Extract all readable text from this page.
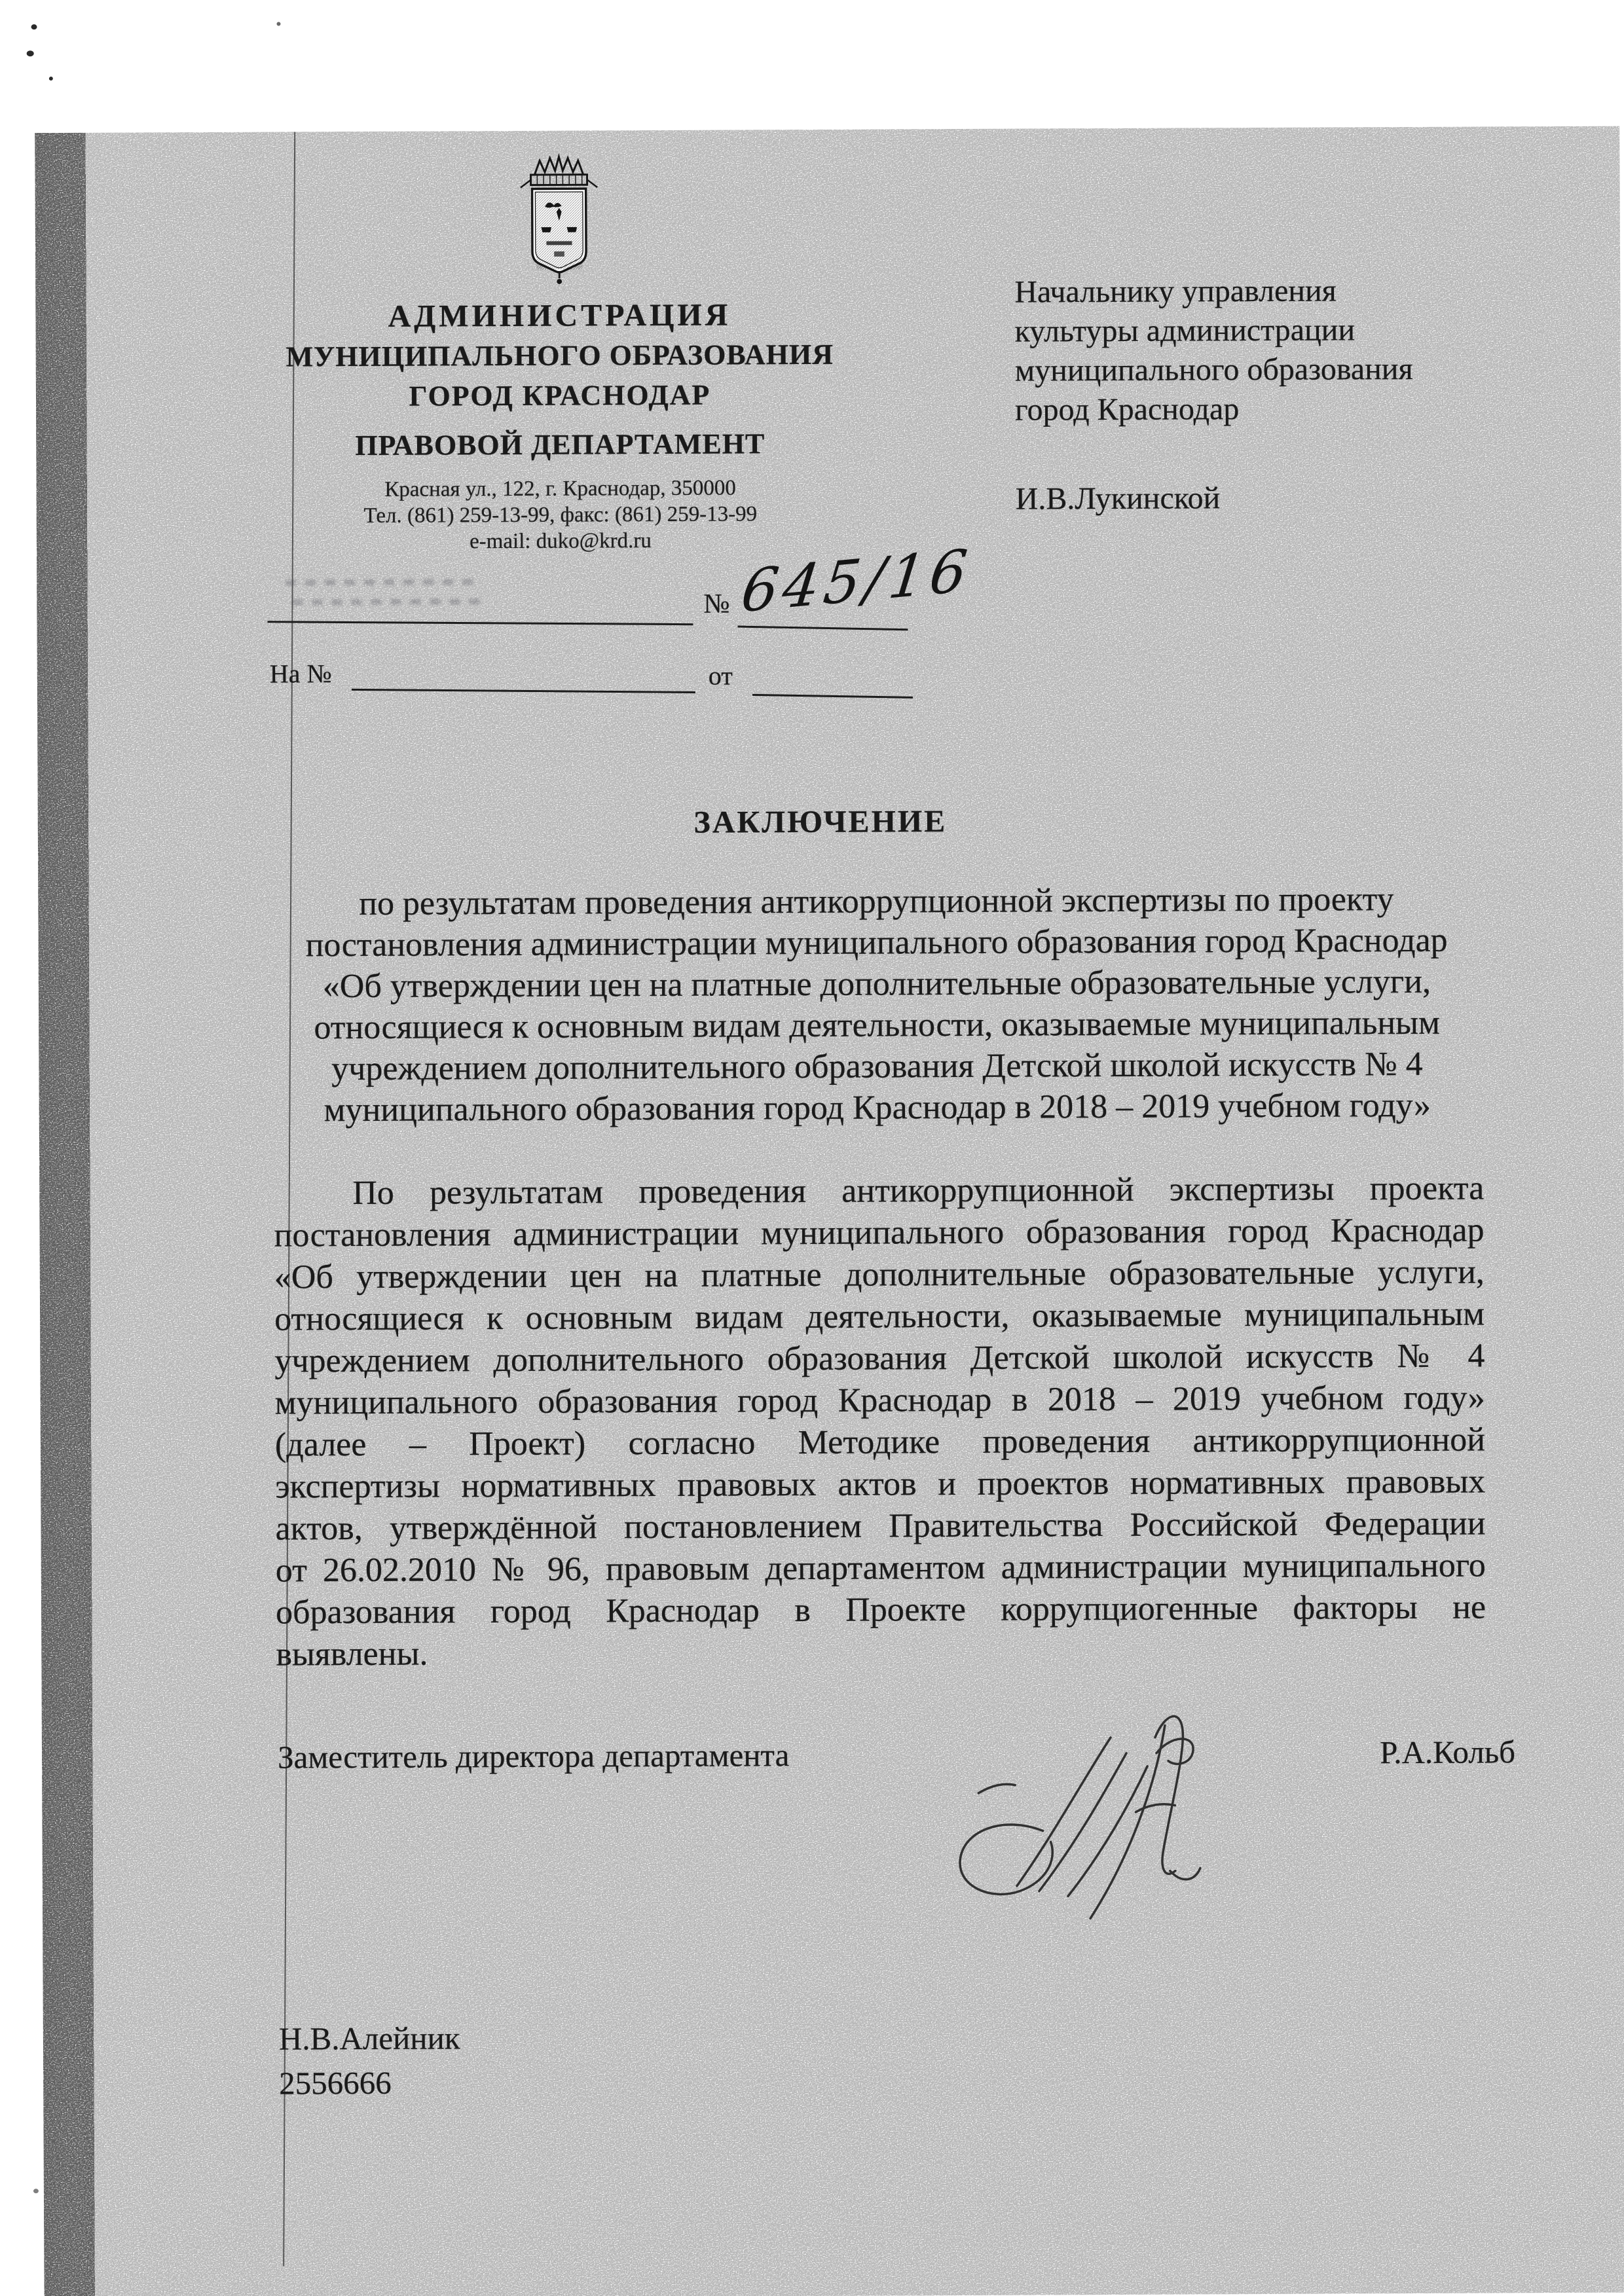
АДМИНИСТРАЦИЯ
МУНИЦИПАЛЬНОГО ОБРАЗОВАНИЯ
ГОРОД КРАСНОДАР
ПРАВОВОЙ ДЕПАРТАМЕНТ
Красная ул., 122, г. Краснодар, 350000
Тел. (861) 259-13-99, факс: (861) 259-13-99
e-mail: duko@krd.ru
Начальнику управления
культуры администрации
муниципального образования
город Краснодар
И.В.Лукинской
№ 645/16
На №	от
ЗАКЛЮЧЕНИЕ
по результатам проведения антикоррупционной экспертизы по проекту
постановления администрации муниципального образования город Краснодар
«Об утверждении цен на платные дополнительные образовательные услуги,
относящиеся к основным видам деятельности, оказываемые муниципальным
учреждением дополнительного образования Детской школой искусств № 4
муниципального образования город Краснодар в 2018 – 2019 учебном году»
По результатам проведения антикоррупционной экспертизы проекта
постановления администрации муниципального образования город Краснодар
«Об утверждении цен на платные дополнительные образовательные услуги,
относящиеся к основным видам деятельности, оказываемые муниципальным
учреждением дополнительного образования Детской школой искусств № 4
муниципального образования город Краснодар в 2018 – 2019 учебном году»
(далее – Проект) согласно Методике проведения антикоррупционной
экспертизы нормативных правовых актов и проектов нормативных правовых
актов, утверждённой постановлением Правительства Российской Федерации
от 26.02.2010 № 96, правовым департаментом администрации муниципального
образования город Краснодар в Проекте коррупциогенные факторы не
выявлены.
Заместитель директора департамента	Р.А.Кольб
Н.В.Алейник
2556666
